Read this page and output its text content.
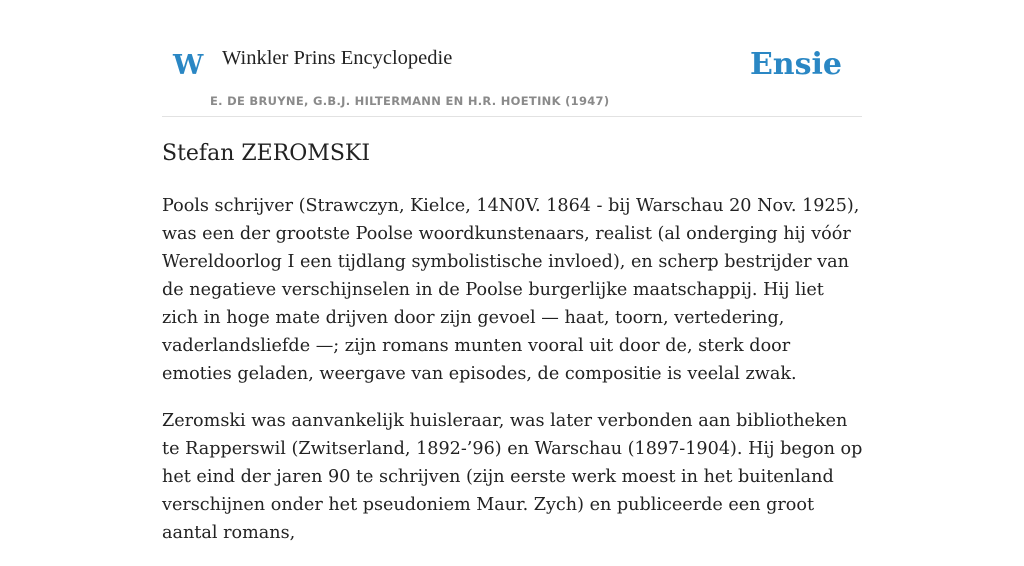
W Winkler Prins Encyclopedie
E. DE BRUYNE, G.B.J. HILTERMANN EN H.R. HOETINK (1947)
Ensie
Stefan ZEROMSKI

Pools schrijver (Strawczyn, Kielce, 14N0V. 1864 - bij Warschau 20 Nov. 1925), was een der grootste Poolse woordkunstenaars, realist (al onderging hij vóór Wereldoorlog I een tijdlang symbolistische invloed), en scherp bestrijder van de negatieve verschijnselen in de Poolse burgerlijke maatschappij. Hij liet zich in hoge mate drijven door zijn gevoel — haat, toorn, vertedering, vaderlandsliefde —; zijn romans munten vooral uit door de, sterk door emoties geladen, weergave van episodes, de compositie is veelal zwak.

Zeromski was aanvankelijk huisleraar, was later verbonden aan bibliotheken te Rapperswil (Zwitserland, 1892-’96) en Warschau (1897-1904). Hij begon op het eind der jaren 90 te schrijven (zijn eerste werk moest in het buitenland verschijnen onder het pseudoniem Maur. Zych) en publiceerde een groot aantal romans,
